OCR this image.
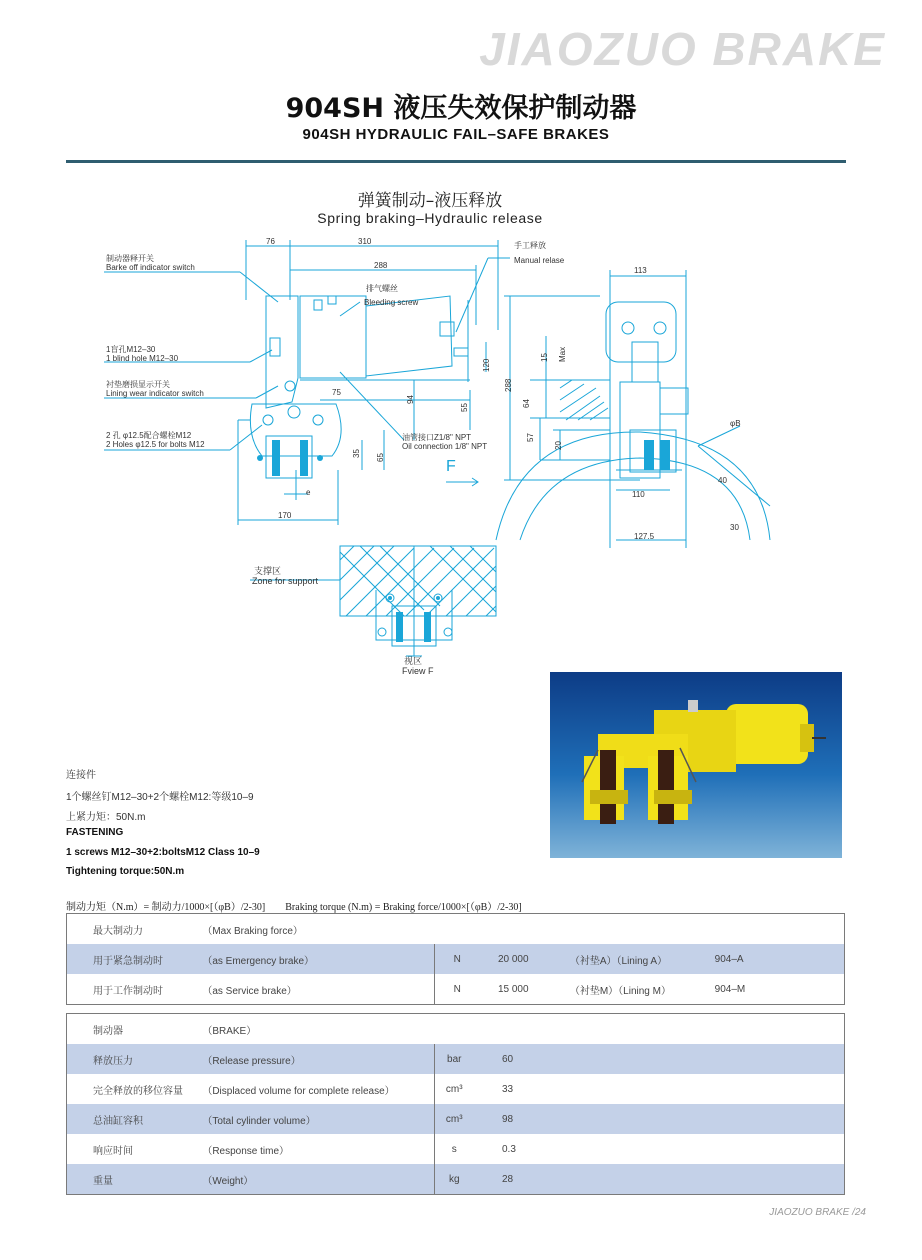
JIAOZUO BRAKE
904SH 液压失效保护制动器
904SH HYDRAULIC FAIL–SAFE BRAKES
弹簧制动–液压释放
Spring braking–Hydraulic release
制动器释开关
Barke off indicator switch
1盲孔M12–30
1 blind hole M12–30
衬垫磨损显示开关
Lining wear indicator switch
2 孔 φ12.5配合螺栓M12
2 Holes φ12.5 for bolts M12
排气螺丝
Bleeding screw
手工释放
Manual relase
油管接口Z1/8" NPT
Oil connection 1/8" NPT
φB
F
支撑区
Zone for support
视区
Fview F
76	310
288
113
120
288
15 Max
75
94
55	64
57
20
35 65
e
170
110
127.5
40
30
连接件
1个螺丝钉M12–30+2个螺栓M12:等级10–9
上紧力矩：50N.m
FASTENING
1 screws M12–30+2:boltsM12 Class 10–9
Tightening torque:50N.m
制动力矩（N.m）= 制动力/1000×[（φB）/2-30]　　Braking torque (N.m) = Braking force/1000×[（φB）/2-30]
最大制动力	（Max Braking force）				
用于紧急制动时	（as Emergency brake）	N	20 000	（衬垫A）（Lining A）	904–A
用于工作制动时	（as Service brake）	N	15 000	（衬垫M）（Lining M）	904–M
制动器	（BRAKE）		
释放压力	（Release pressure）	bar	60
完全释放的移位容量	（Displaced volume for complete release）	cm³	33
总油缸容积	（Total cylinder volume）	cm³	98
响应时间	（Response time）	s	0.3
重量	（Weight）	kg	28
JIAOZUO BRAKE /24
